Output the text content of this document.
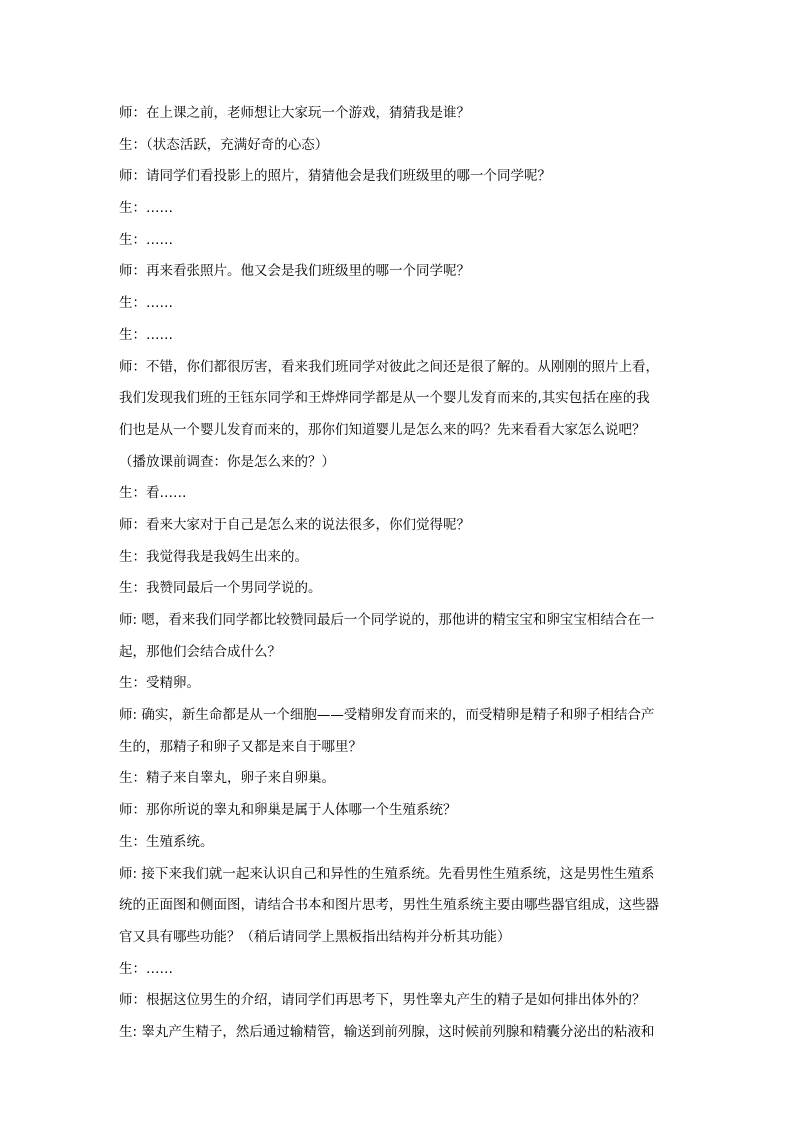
师：在上课之前，老师想让大家玩一个游戏，猜猜我是谁？
生：（状态活跃，充满好奇的心态）
师：请同学们看投影上的照片，猜猜他会是我们班级里的哪一个同学呢？
生：……
生：……
师：再来看张照片。他又会是我们班级里的哪一个同学呢？
生：……
生：……
师：不错，你们都很厉害，看来我们班同学对彼此之间还是很了解的。从刚刚的照片上看，
我们发现我们班的王钰东同学和王烨烨同学都是从一个婴儿发育而来的,其实包括在座的我
们也是从一个婴儿发育而来的，那你们知道婴儿是怎么来的吗？先来看看大家怎么说吧？
（播放课前调查：你是怎么来的？）
生：看……
师：看来大家对于自己是怎么来的说法很多，你们觉得呢？
生：我觉得我是我妈生出来的。
生：我赞同最后一个男同学说的。
师: 嗯，看来我们同学都比较赞同最后一个同学说的，那他讲的精宝宝和卵宝宝相结合在一
起，那他们会结合成什么？
生：受精卵。
师: 确实，新生命都是从一个细胞——受精卵发育而来的，而受精卵是精子和卵子相结合产
生的，那精子和卵子又都是来自于哪里？
生：精子来自睾丸，卵子来自卵巢。
师：那你所说的睾丸和卵巢是属于人体哪一个生殖系统？
生：生殖系统。
师: 接下来我们就一起来认识自己和异性的生殖系统。先看男性生殖系统，这是男性生殖系
统的正面图和侧面图，请结合书本和图片思考，男性生殖系统主要由哪些器官组成，这些器
官又具有哪些功能？（稍后请同学上黑板指出结构并分析其功能）
生：……
师：根据这位男生的介绍，请同学们再思考下，男性睾丸产生的精子是如何排出体外的？
生: 睾丸产生精子，然后通过输精管，输送到前列腺，这时候前列腺和精囊分泌出的粘液和
